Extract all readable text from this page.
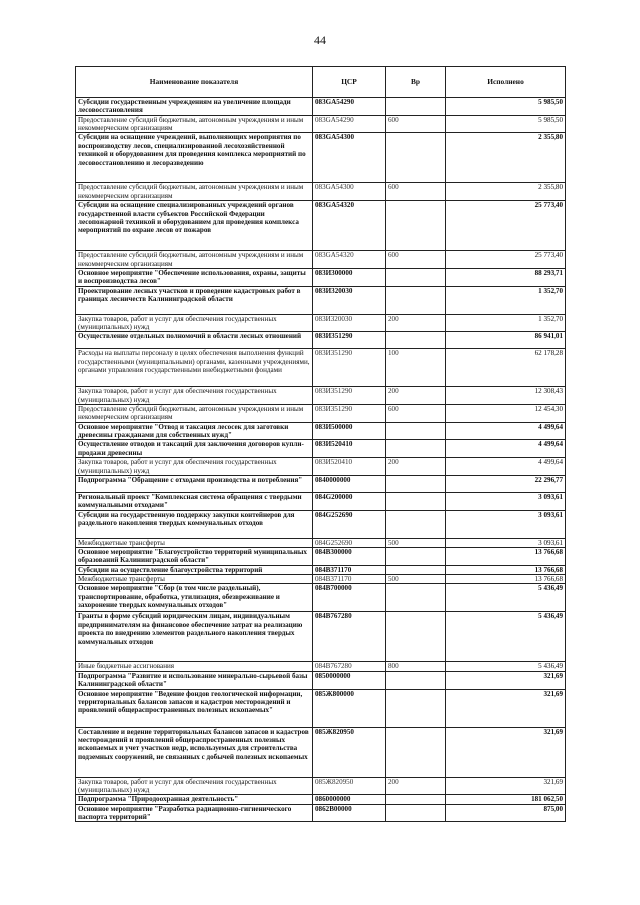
44
Наименование показателя	ЦСР	Вр	Исполнено
Субсидии государственным учреждениям на увеличение площади лесовосстановления	083GA54290		5 985,50
Предоставление субсидий бюджетным, автономным учреждениям и иным некоммерческим организациям	083GA54290	600	5 985,50
Субсидии на оснащение учреждений, выполняющих мероприятия по воспроизводству лесов, специализированной лесохозяйственной техникой и оборудованием для проведения комплекса мероприятий по лесовосстановлению и лесоразведению	083GA54300		2 355,80
Предоставление субсидий бюджетным, автономным учреждениям и иным некоммерческим организациям	083GA54300	600	2 355,80
Субсидии на оснащение специализированных учреждений органов государственной власти субъектов Российской Федерации лесопожарной техникой и оборудованием для проведения комплекса мероприятий по охране лесов от пожаров	083GA54320		25 773,40
Предоставление субсидий бюджетным, автономным учреждениям и иным некоммерческим организациям	083GA54320	600	25 773,40
Основное мероприятие "Обеспечение использования, охраны, защиты и воспроизводства лесов"	083И300000		88 293,71
Проектирование лесных участков и проведение кадастровых работ в границах лесничеств Калининградской области	083И320030		1 352,70
Закупка товаров, работ и услуг для обеспечения государственных (муниципальных) нужд	083И320030	200	1 352,70
Осуществление отдельных полномочий в области лесных отношений	083И351290		86 941,01
Расходы на выплаты персоналу в целях обеспечения выполнения функций государственными (муниципальными) органами, казенными учреждениями, органами управления государственными внебюджетными фондами	083И351290	100	62 178,28
Закупка товаров, работ и услуг для обеспечения государственных (муниципальных) нужд	083И351290	200	12 308,43
Предоставление субсидий бюджетным, автономным учреждениям и иным некоммерческим организациям	083И351290	600	12 454,30
Основное мероприятие "Отвод и таксация лесосек для заготовки древесины гражданами для собственных нужд"	083И500000		4 499,64
Осуществление отводов и таксаций для заключения договоров купли-продажи древесины	083И520410		4 499,64
Закупка товаров, работ и услуг для обеспечения государственных (муниципальных) нужд	083И520410	200	4 499,64
Подпрограмма "Обращение с отходами производства и потребления"	0840000000		22 296,77
Региональный проект "Комплексная система обращения с твердыми коммунальными отходами"	084G200000		3 093,61
Субсидии на государственную поддержку закупки контейнеров для раздельного накопления твердых коммунальных отходов	084G252690		3 093,61
Межбюджетные трансферты	084G252690	500	3 093,61
Основное мероприятие "Благоустройство территорий муниципальных образований Калининградской области"	084В300000		13 766,68
Субсидии на осуществление благоустройства территорий	084В371170		13 766,68
Межбюджетные трансферты	084В371170	500	13 766,68
Основное мероприятие "Сбор (в том числе раздельный), транспортирование, обработка, утилизация, обезвреживание и захоронение твердых коммунальных отходов"	084В700000		5 436,49
Гранты в форме субсидий юридическим лицам, индивидуальным предпринимателям на финансовое обеспечение затрат на реализацию проекта по внедрению элементов раздельного накопления твердых коммунальных отходов	084В767280		5 436,49
Иные бюджетные ассигнования	084В767280	800	5 436,49
Подпрограмма "Развитие и использование минерально-сырьевой базы Калининградской области"	0850000000		321,69
Основное мероприятие "Ведение фондов геологической информации, территориальных балансов запасов и кадастров месторождений и проявлений общераспространенных полезных ископаемых"	085Ж800000		321,69
Составление и ведение территориальных балансов запасов и кадастров месторождений и проявлений общераспространенных полезных ископаемых и учет участков недр, используемых для строительства подземных сооружений, не связанных с добычей полезных ископаемых	085Ж820950		321,69
Закупка товаров, работ и услуг для обеспечения государственных (муниципальных) нужд	085Ж820950	200	321,69
Подпрограмма "Природоохранная деятельность"	0860000000		181 062,50
Основное мероприятие "Разработка радиационно-гигиенического паспорта территорий"	0862В00000		875,00
